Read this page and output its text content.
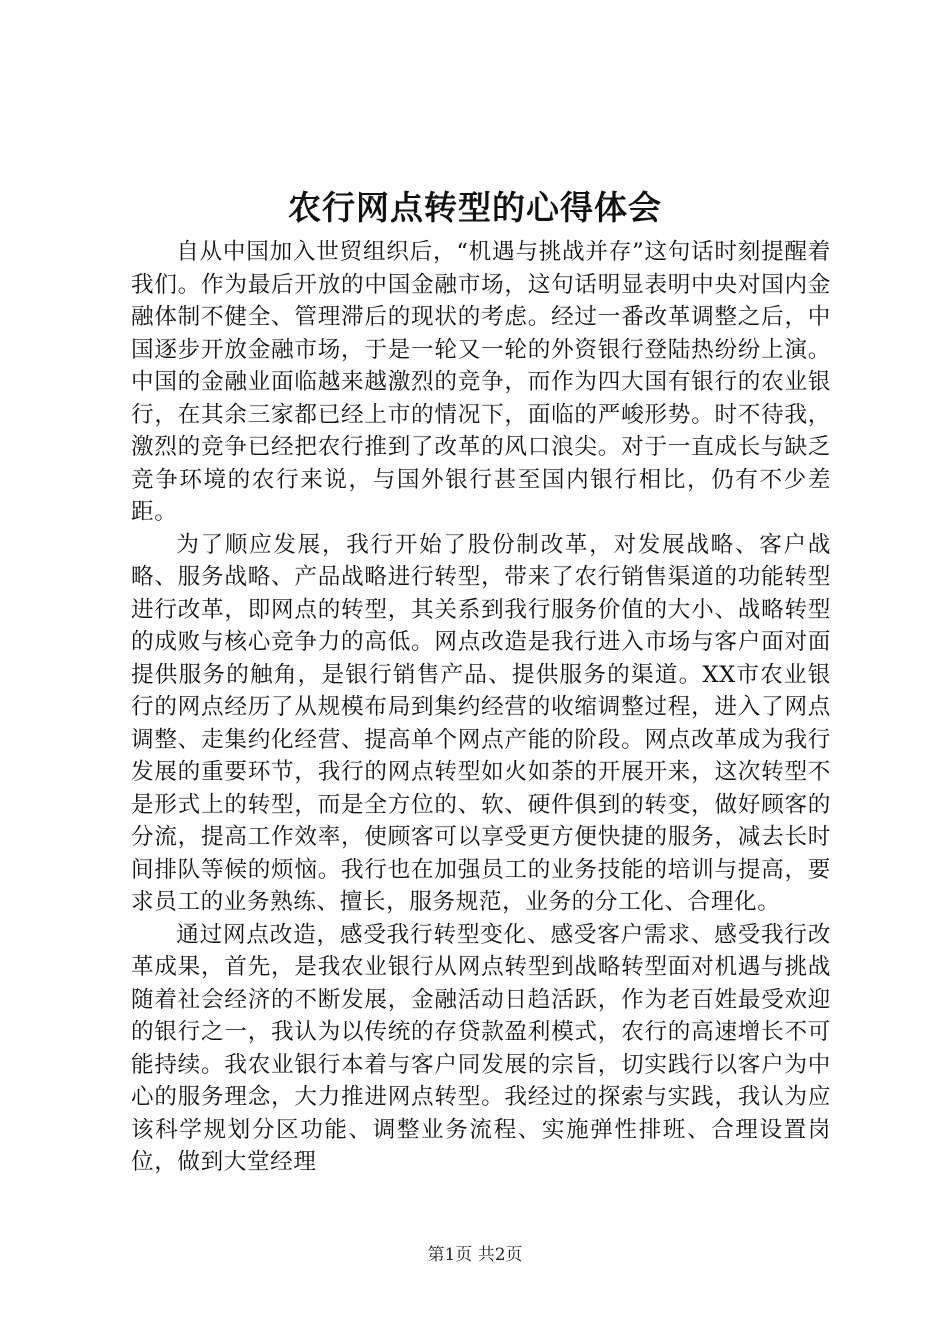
农行网点转型的心得体会

自从中国加入世贸组织后，“机遇与挑战并存”这句话时刻提醒着我们。作为最后开放的中国金融市场，这句话明显表明中央对国内金融体制不健全、管理滞后的现状的考虑。经过一番改革调整之后，中国逐步开放金融市场，于是一轮又一轮的外资银行登陆热纷纷上演。中国的金融业面临越来越激烈的竞争，而作为四大国有银行的农业银行，在其余三家都已经上市的情况下，面临的严峻形势。时不待我，激烈的竞争已经把农行推到了改革的风口浪尖。对于一直成长与缺乏竞争环境的农行来说，与国外银行甚至国内银行相比，仍有不少差距。

为了顺应发展，我行开始了股份制改革，对发展战略、客户战略、服务战略、产品战略进行转型，带来了农行销售渠道的功能转型进行改革，即网点的转型，其关系到我行服务价值的大小、战略转型的成败与核心竞争力的高低。网点改造是我行进入市场与客户面对面提供服务的触角，是银行销售产品、提供服务的渠道。XX市农业银行的网点经历了从规模布局到集约经营的收缩调整过程，进入了网点调整、走集约化经营、提高单个网点产能的阶段。网点改革成为我行发展的重要环节，我行的网点转型如火如荼的开展开来，这次转型不是形式上的转型，而是全方位的、软、硬件俱到的转变，做好顾客的分流，提高工作效率，使顾客可以享受更方便快捷的服务，减去长时间排队等候的烦恼。我行也在加强员工的业务技能的培训与提高，要求员工的业务熟练、擅长，服务规范，业务的分工化、合理化。

通过网点改造，感受我行转型变化、感受客户需求、感受我行改革成果，首先，是我农业银行从网点转型到战略转型面对机遇与挑战随着社会经济的不断发展，金融活动日趋活跃，作为老百姓最受欢迎的银行之一，我认为以传统的存贷款盈利模式，农行的高速增长不可能持续。我农业银行本着与客户同发展的宗旨，切实践行以客户为中心的服务理念，大力推进网点转型。我经过的探索与实践，我认为应该科学规划分区功能、调整业务流程、实施弹性排班、合理设置岗位，做到大堂经理

第1页 共2页
